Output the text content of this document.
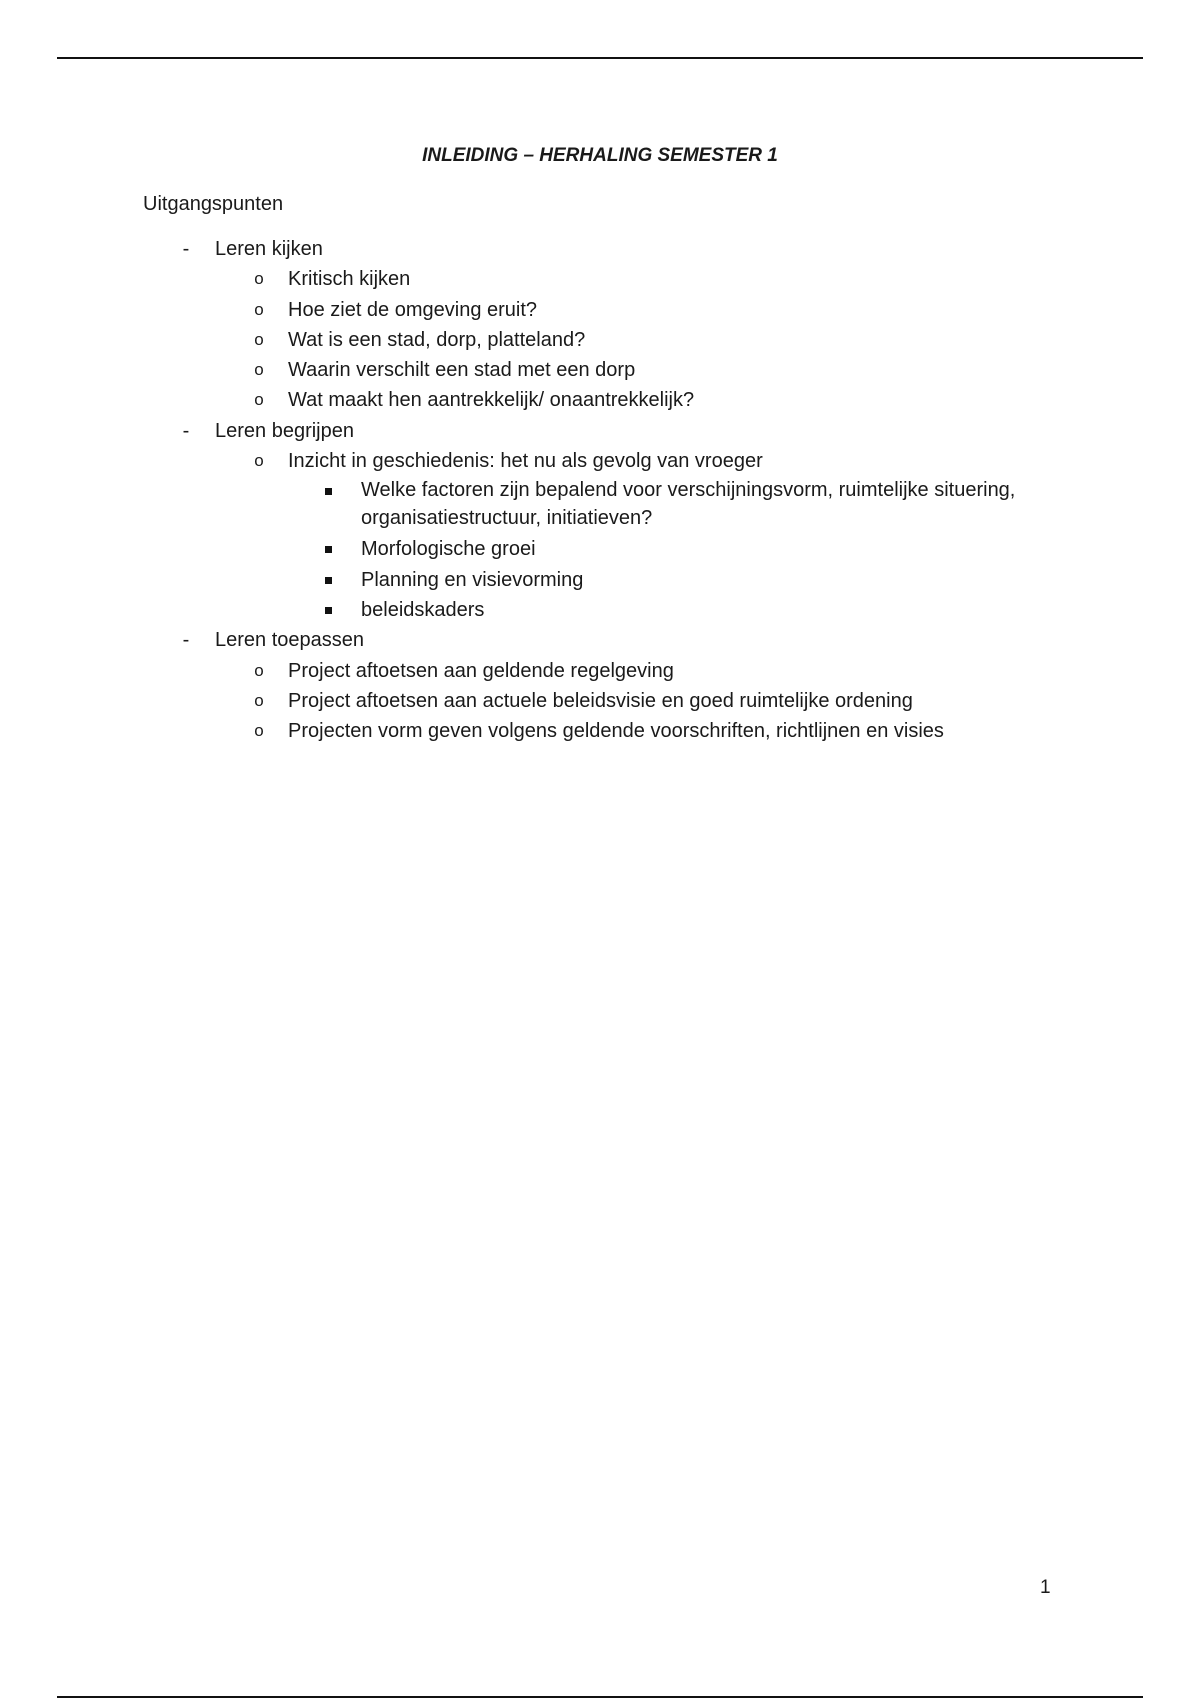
INLEIDING – HERHALING SEMESTER 1
Uitgangspunten
- Leren kijken
o Kritisch kijken
o Hoe ziet de omgeving eruit?
o Wat is een stad, dorp, platteland?
o Waarin verschilt een stad met een dorp
o Wat maakt hen aantrekkelijk/ onaantrekkelijk?
- Leren begrijpen
o Inzicht in geschiedenis: het nu als gevolg van vroeger
Welke factoren zijn bepalend voor verschijningsvorm, ruimtelijke situering, organisatiestructuur, initiatieven?
Morfologische groei
Planning en visievorming
beleidskaders
- Leren toepassen
o Project aftoetsen aan geldende regelgeving
o Project aftoetsen aan actuele beleidsvisie en goed ruimtelijke ordening
o Projecten vorm geven volgens geldende voorschriften, richtlijnen en visies
1
